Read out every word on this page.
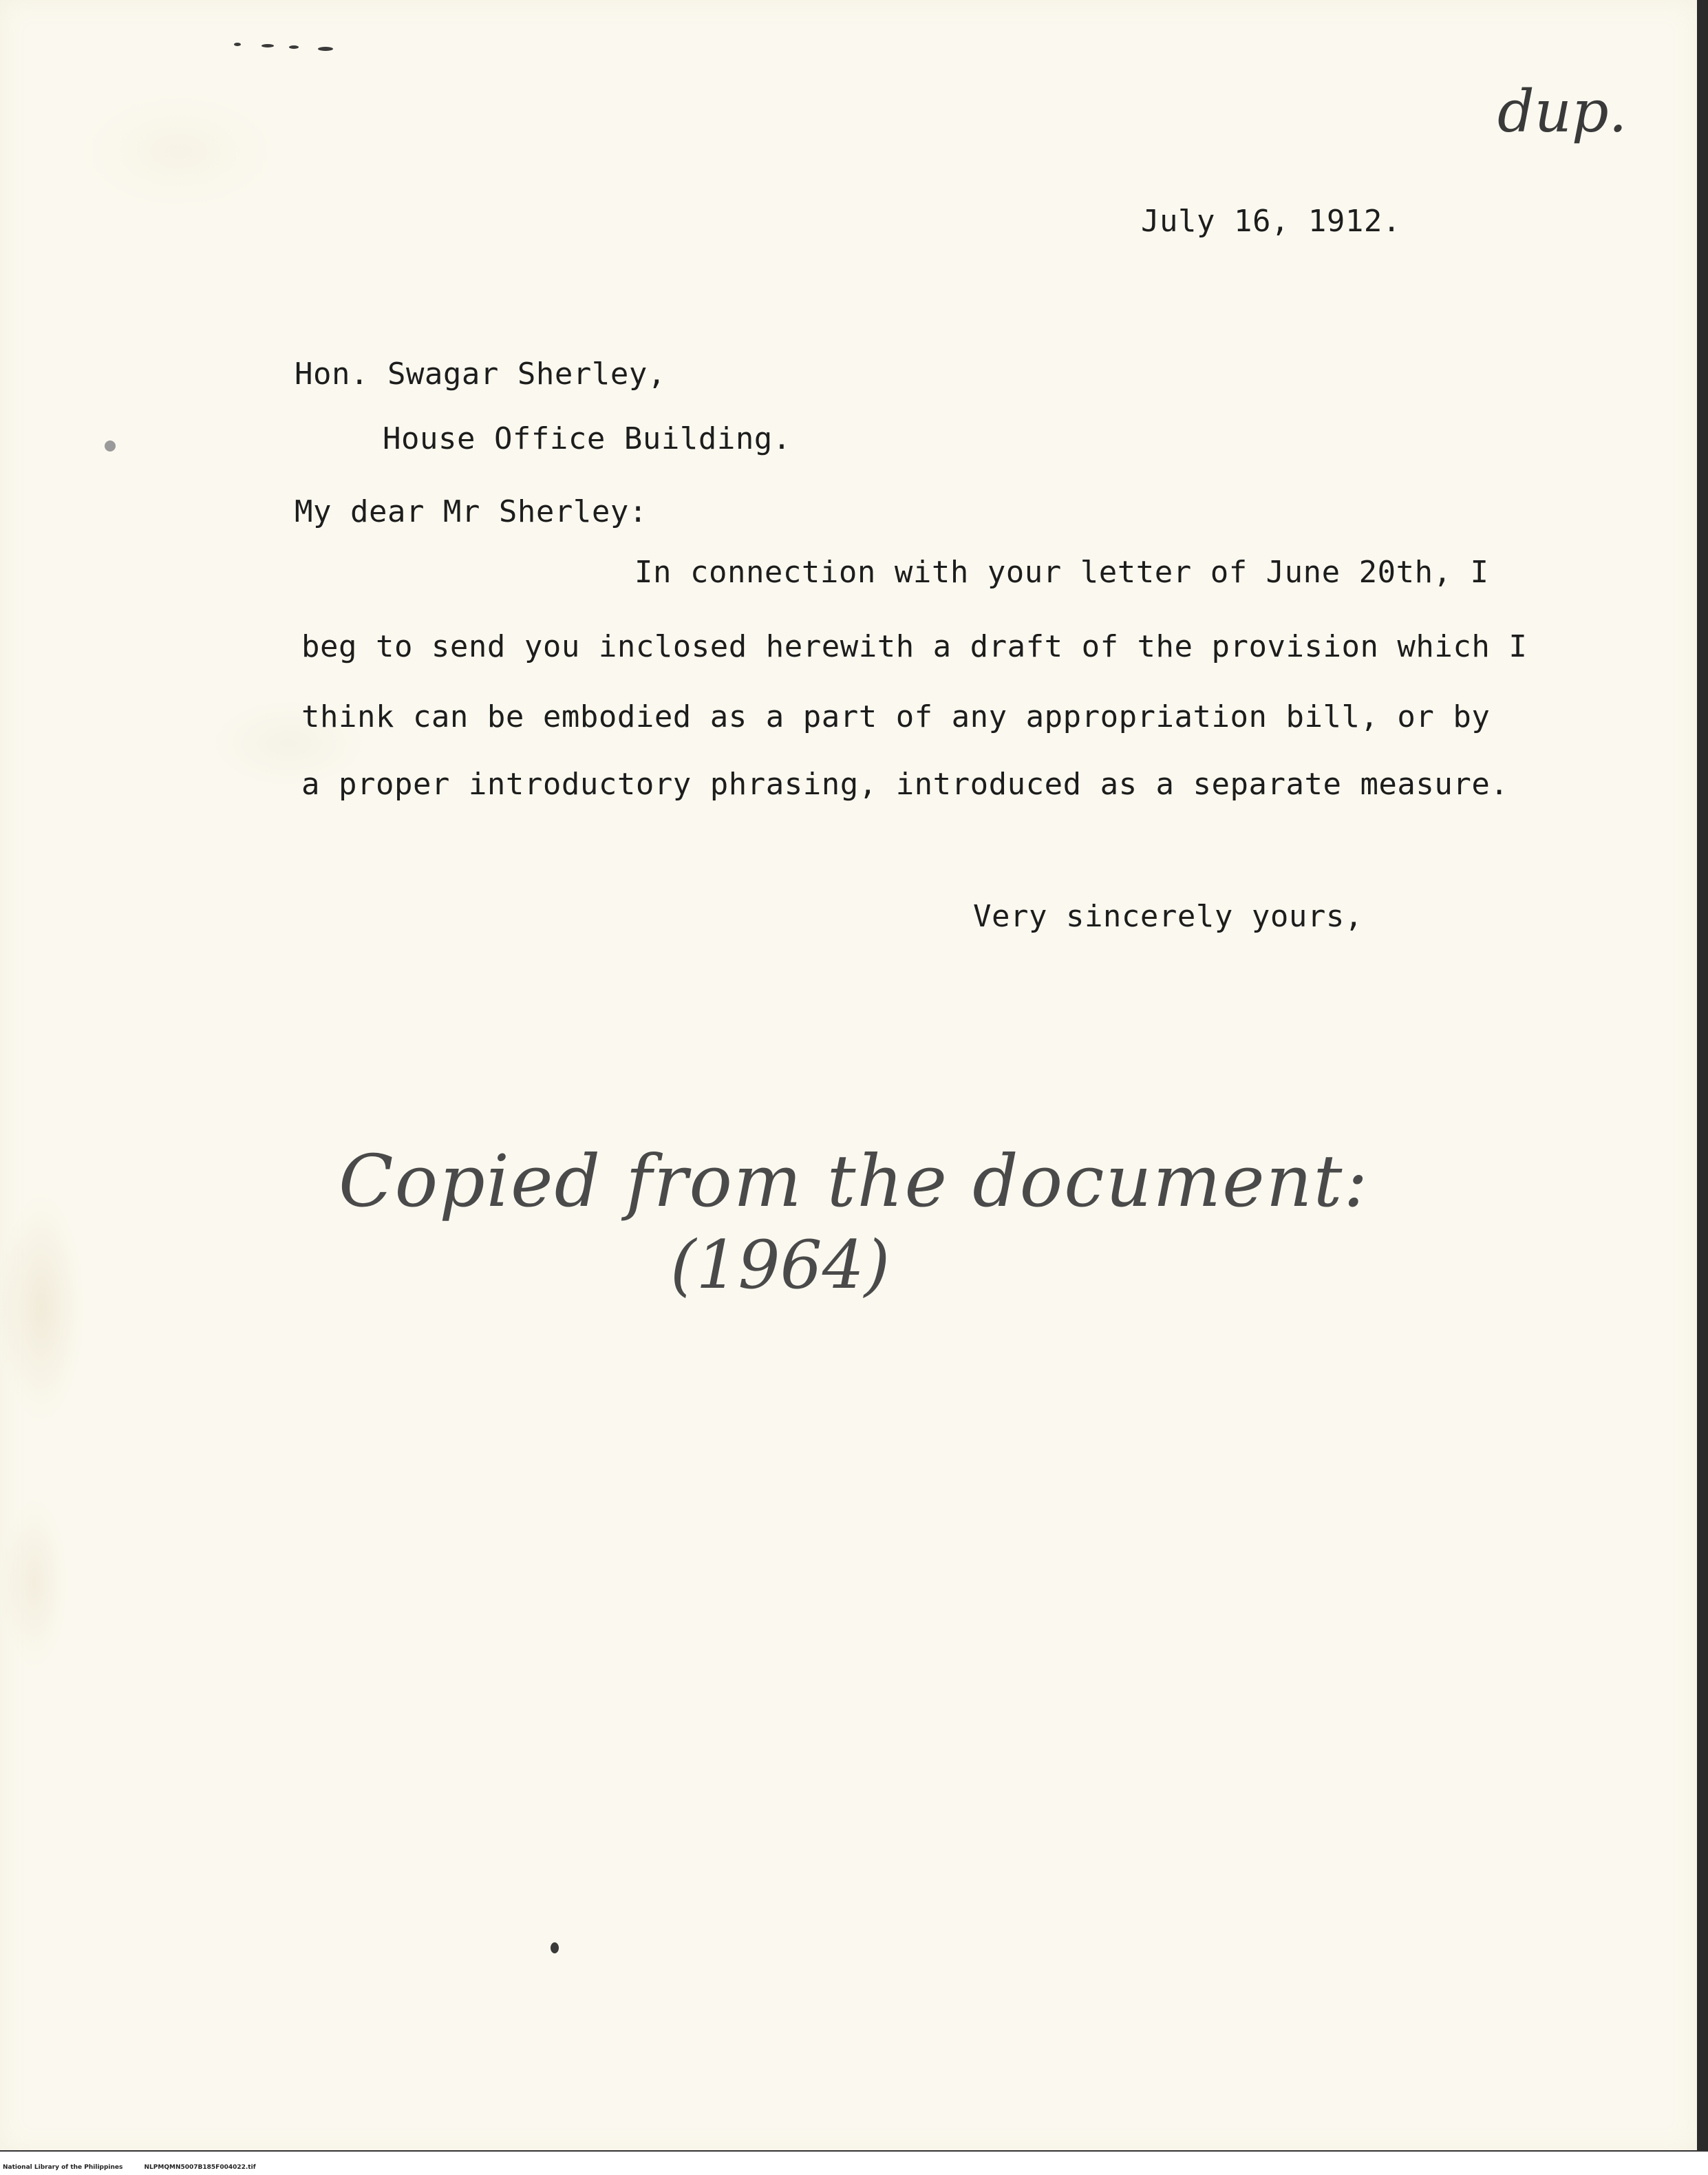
dup.
July 16, 1912.
Hon. Swagar Sherley,
House Office Building.
My dear Mr Sherley:
In connection with your letter of June 20th, I
beg to send you inclosed herewith a draft of the provision which I
think can be embodied as a part of any appropriation bill, or by
a proper introductory phrasing, introduced as a separate measure.
Very sincerely yours,
Copied from the document:
(1964)
National Library of the Philippines	NLPMQMN5007B185F004022.tif
